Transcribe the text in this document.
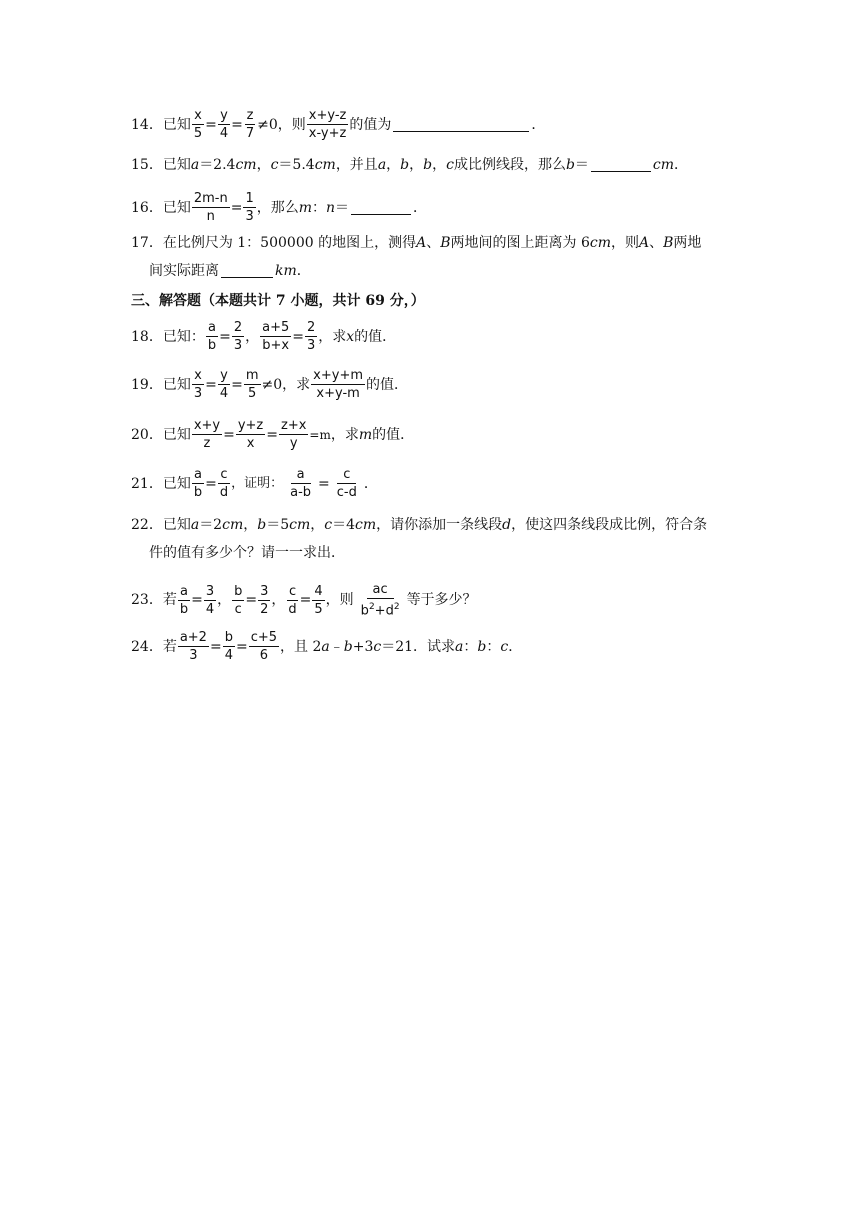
14． 已知 $\frac{x}{5} = \frac{y}{4} = \frac{z}{7} \ne 0$，则 $\frac{x+y-z}{x-y+z}$ 的值为	．
15． 已知 a ＝2.4 cm ， c ＝5.4 cm ，并且 a ， b ， b ， c 成比例线段，那么 b ＝	cm ．
16． 已知 $\frac{2m-n}{n} = \frac{1}{3}$ ，那么 m ： n ＝	．
17． 在比例尺为 1：500000 的地图上，测得 A 、 B 两地间的图上距离为 6 cm ，则 A 、 B 两地
间实际距离	km ．
三、解答题（本题共计 7 小题，共计 69 分，）
18． 已知： $\frac{a}{b} = \frac{2}{3}$ ， $\frac{a+5}{b+x} = \frac{2}{3}$ ，求 x 的值．
19． 已知 $\frac{x}{3} = \frac{y}{4} = \frac{m}{5} \ne 0$，求 $\frac{x+y+m}{x+y-m}$ 的值．
20． 已知 $\frac{x+y}{z} = \frac{y+z}{x} = \frac{z+x}{y} =m$ ，求 m 的值．
21． 已知 $\frac{a}{b} = \frac{c}{d}$ ，证明： $\frac{a}{a-b} = \frac{c}{c-d}$ ．
22． 已知 a ＝2 cm ， b ＝5 cm ， c ＝4 cm ，请你添加一条线段 d ，使这四条线段成比例，符合条
件的值有多少个？请一一求出．
23． 若 $\frac{a}{b} = \frac{3}{4}$ ， $\frac{b}{c} = \frac{3}{2}$ ， $\frac{c}{d} = \frac{4}{5}$ ，则 $\frac{ac}{b^2+d^2}$ 等于多少？
24． 若 $\frac{a+2}{3} = \frac{b}{4} = \frac{c+5}{6}$ ，且 2 a ﹣ b +3 c ＝21．试求 a ： b ： c ．
